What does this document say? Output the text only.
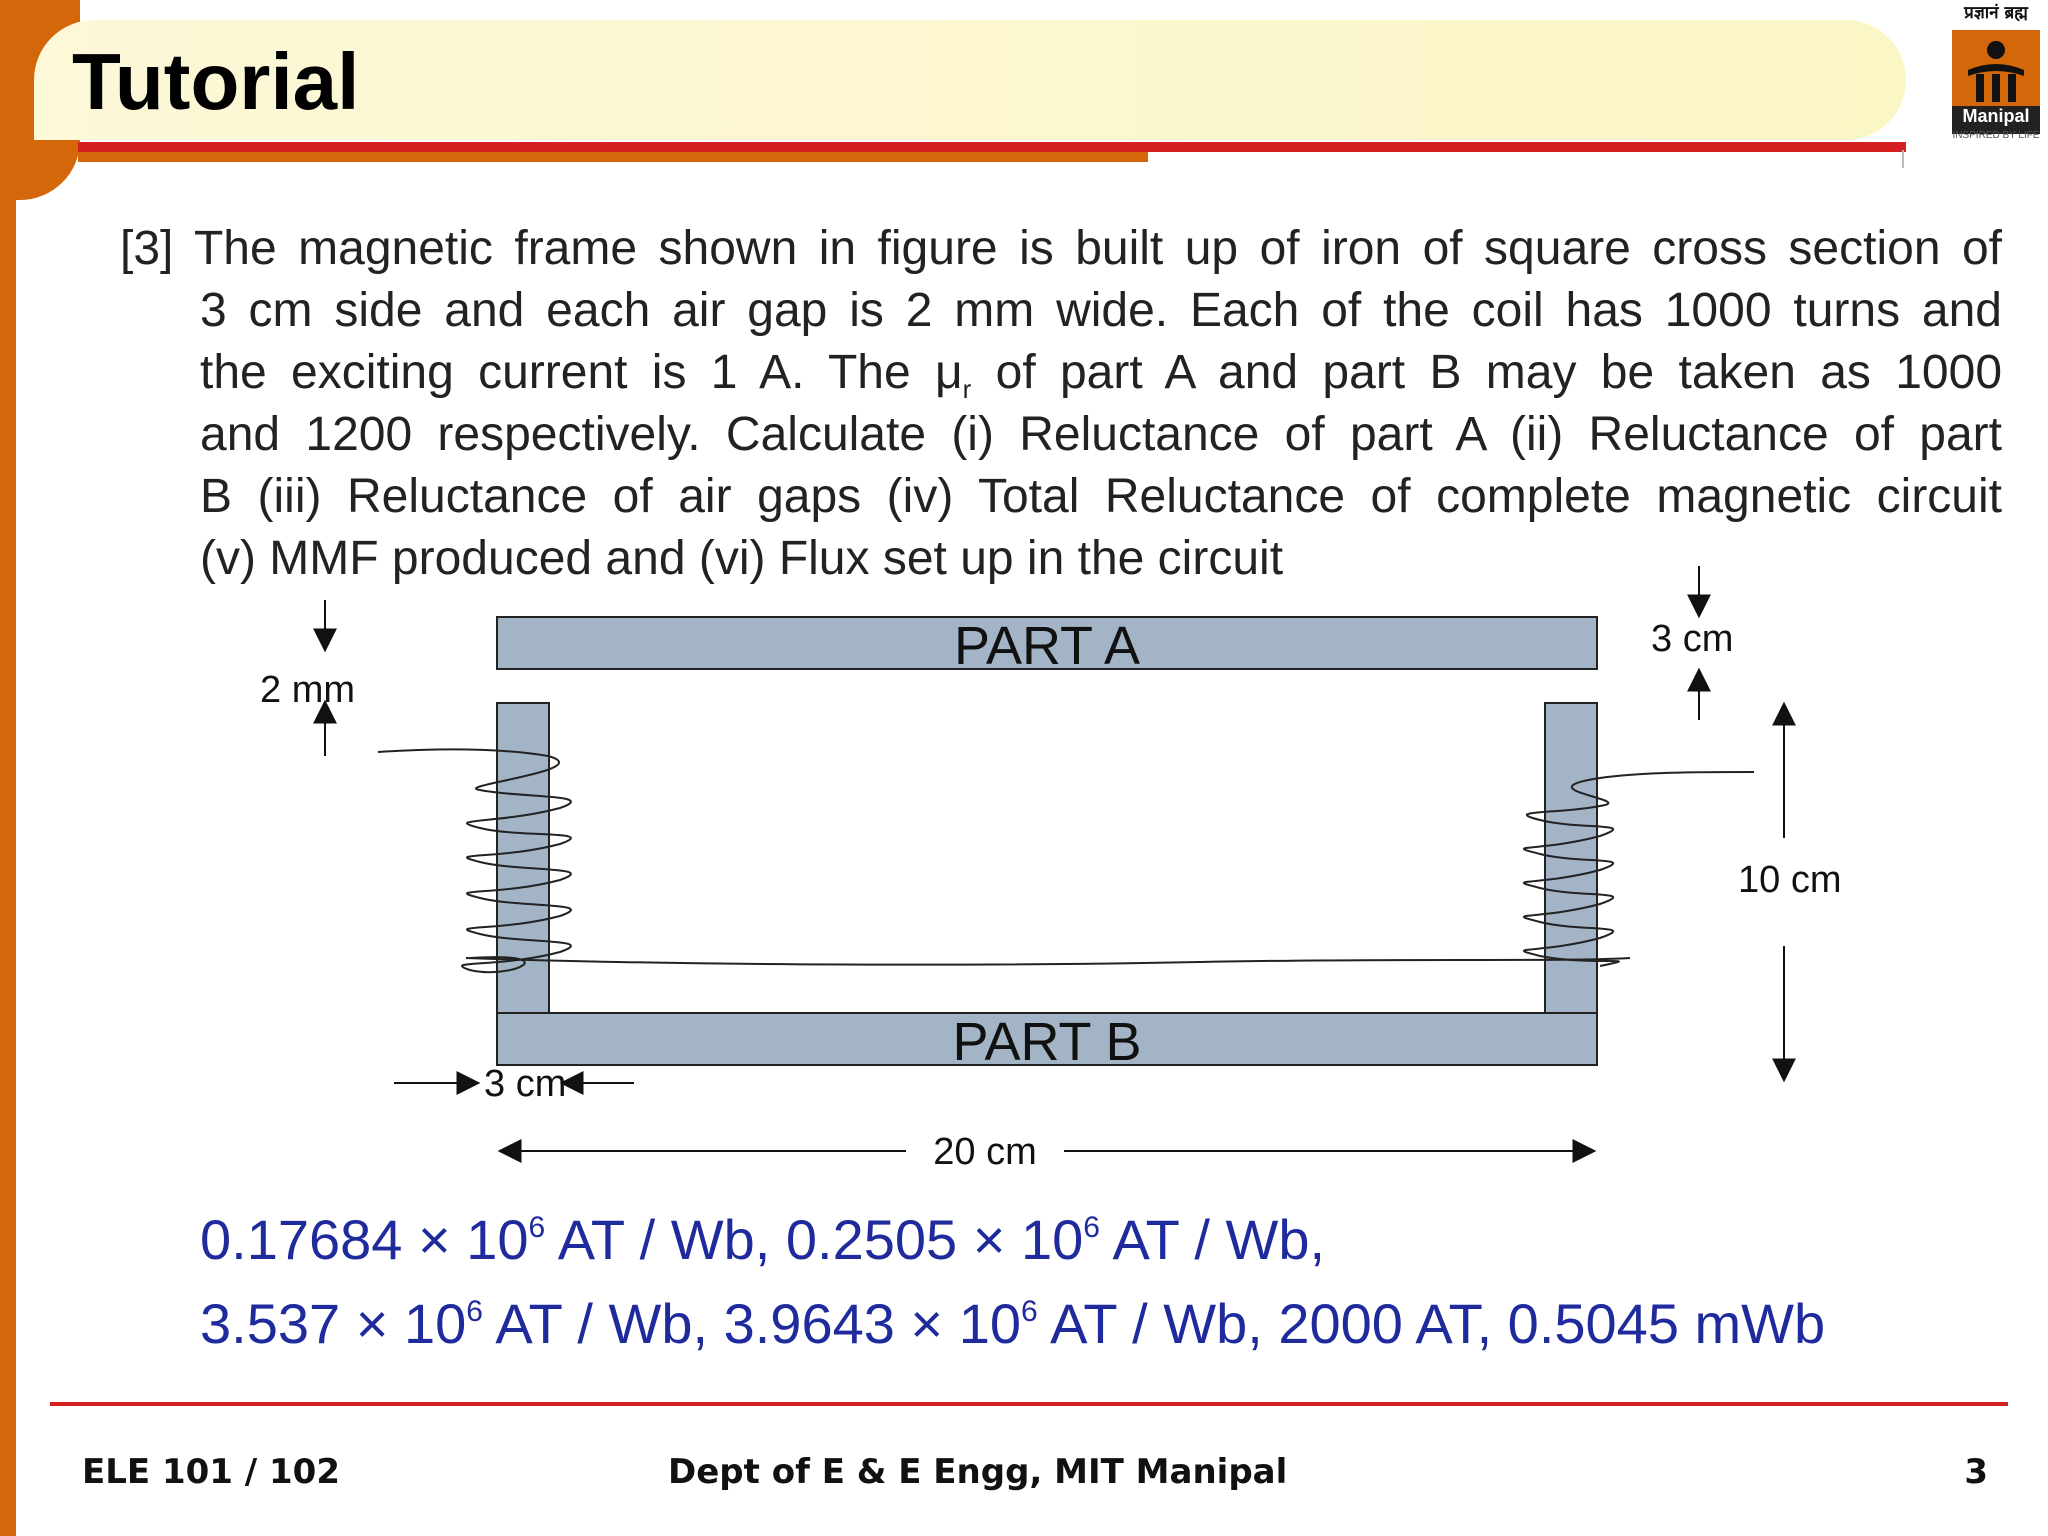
Tutorial
प्रज्ञानं ब्रह्म
Manipal
INSPIRED BY LIFE
[3] The magnetic frame shown in figure is built up of iron of square cross section of
3 cm side and each air gap is 2 mm wide. Each of the coil has 1000 turns and
the exciting current is 1 A. The $\mu_r$ of part A and part B may be taken as 1000
and 1200 respectively. Calculate (i) Reluctance of part A (ii) Reluctance of part
B (iii) Reluctance of air gaps (iv) Total Reluctance of complete magnetic circuit
(v) MMF produced and (vi) Flux set up in the circuit
PART A
PART B
2 mm
3 cm
10 cm
3 cm
20 cm
$0.17684 \times 10^6$ AT / Wb, $0.2505 \times 10^6$ AT / Wb,
$3.537 \times 10^6$ AT / Wb, $3.9643 \times 10^6$ AT / Wb, 2000 AT, 0.5045 mWb
ELE 101 / 102	Dept of E & E Engg, MIT Manipal	3
